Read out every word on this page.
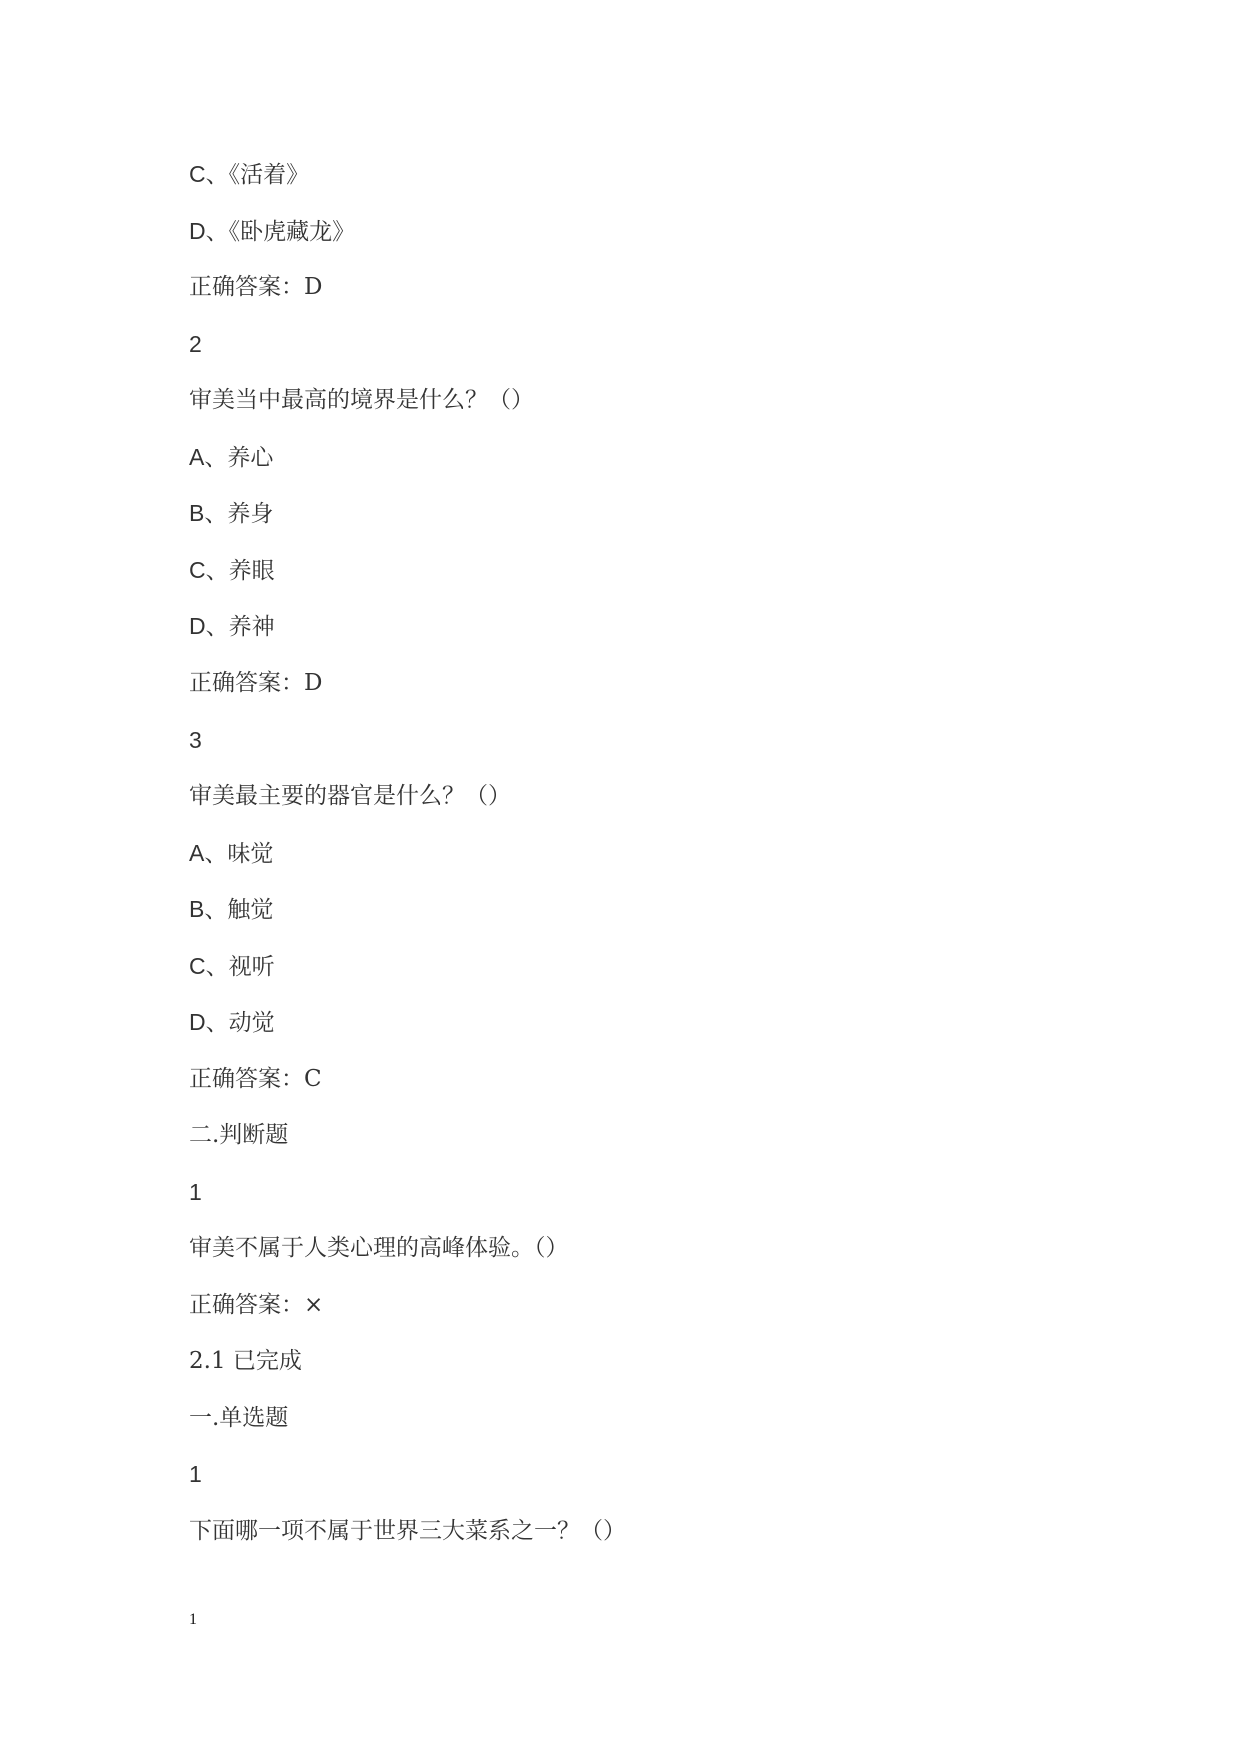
C、《活着》
D、《卧虎藏龙》
正确答案：D
2
审美当中最高的境界是什么？（）
A、养心
B、养身
C、养眼
D、养神
正确答案：D
3
审美最主要的器官是什么？（）
A、味觉
B、触觉
C、视听
D、动觉
正确答案：C
二.判断题
1
审美不属于人类心理的高峰体验。（）
正确答案：×
2.1 已完成
一.单选题
1
下面哪一项不属于世界三大菜系之一？（）
1
